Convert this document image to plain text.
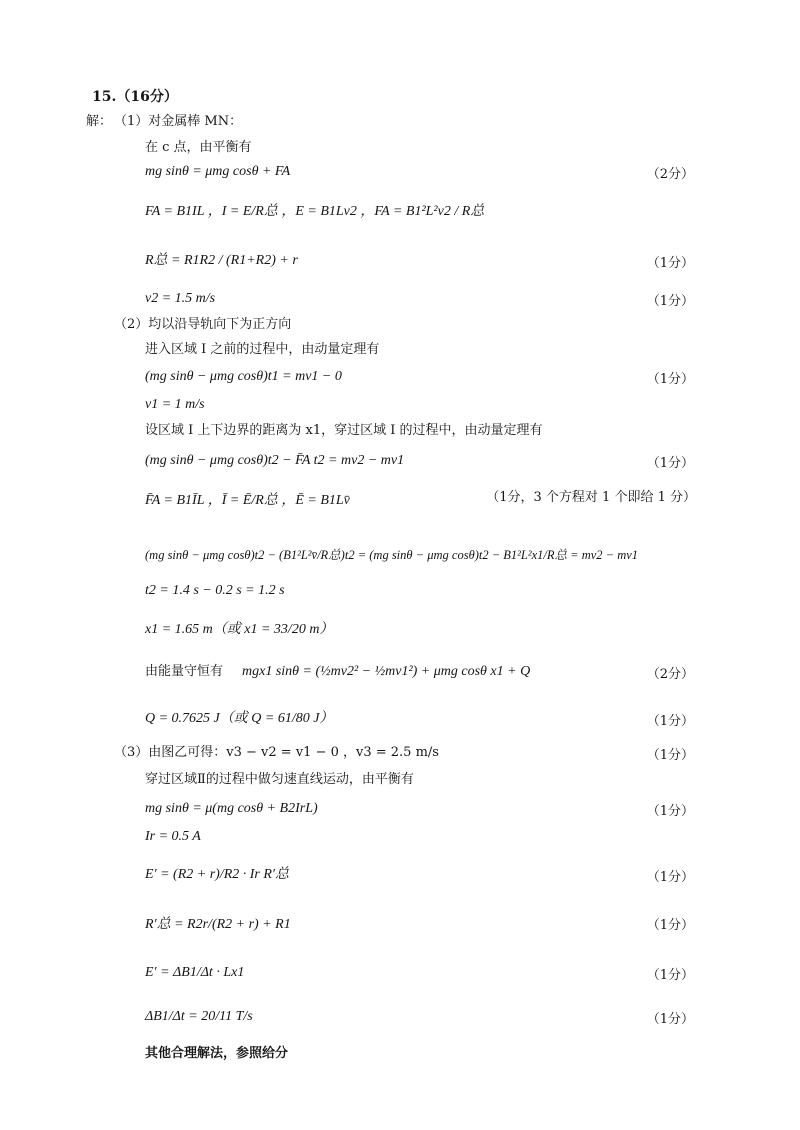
15.（16分）
解： （1）对金属棒 MN：
在 c 点，由平衡有
mg sinθ = μmg cosθ + FA	（2分）
FA = B1IL ，I = E/R总 ，E = B1Lv2 ，FA = B1²L²v2 / R总
R总 = R1R2 / (R1+R2) + r	（1分）
v2 = 1.5 m/s	（1分）
（2）均以沿导轨向下为正方向
进入区域 I 之前的过程中，由动量定理有
(mg sinθ − μmg cosθ)t1 = mv1 − 0	（1分）
v1 = 1 m/s
设区域 I 上下边界的距离为 x1，穿过区域 I 的过程中，由动量定理有
(mg sinθ − μmg cosθ)t2 − F̄A t2 = mv2 − mv1	（1分）
F̄A = B1ĪL ，Ī = Ē/R总 ，Ē = B1Lv̄	（1分，3 个方程对 1 个即给 1 分）
(mg sinθ − μmg cosθ)t2 − (B1²L²v̄/R总)t2 = (mg sinθ − μmg cosθ)t2 − B1²L²x1/R总 = mv2 − mv1
t2 = 1.4 s − 0.2 s = 1.2 s
x1 = 1.65 m（或 x1 = 33/20 m）
由能量守恒有 mgx1 sinθ = (½mv2² − ½mv1²) + μmg cosθ x1 + Q	（2分）
Q = 0.7625 J（或 Q = 61/80 J）	（1分）
（3）由图乙可得：v3 − v2 = v1 − 0 ，v3 = 2.5 m/s	（1分）
穿过区域Ⅱ的过程中做匀速直线运动，由平衡有
mg sinθ = μ(mg cosθ + B2IrL)	（1分）
Ir = 0.5 A
E′ = (R2 + r)/R2 · Ir R′总	（1分）
R′总 = R2r/(R2 + r) + R1	（1分）
E′ = ΔB1/Δt · Lx1	（1分）
ΔB1/Δt = 20/11 T/s	（1分）
其他合理解法，参照给分
